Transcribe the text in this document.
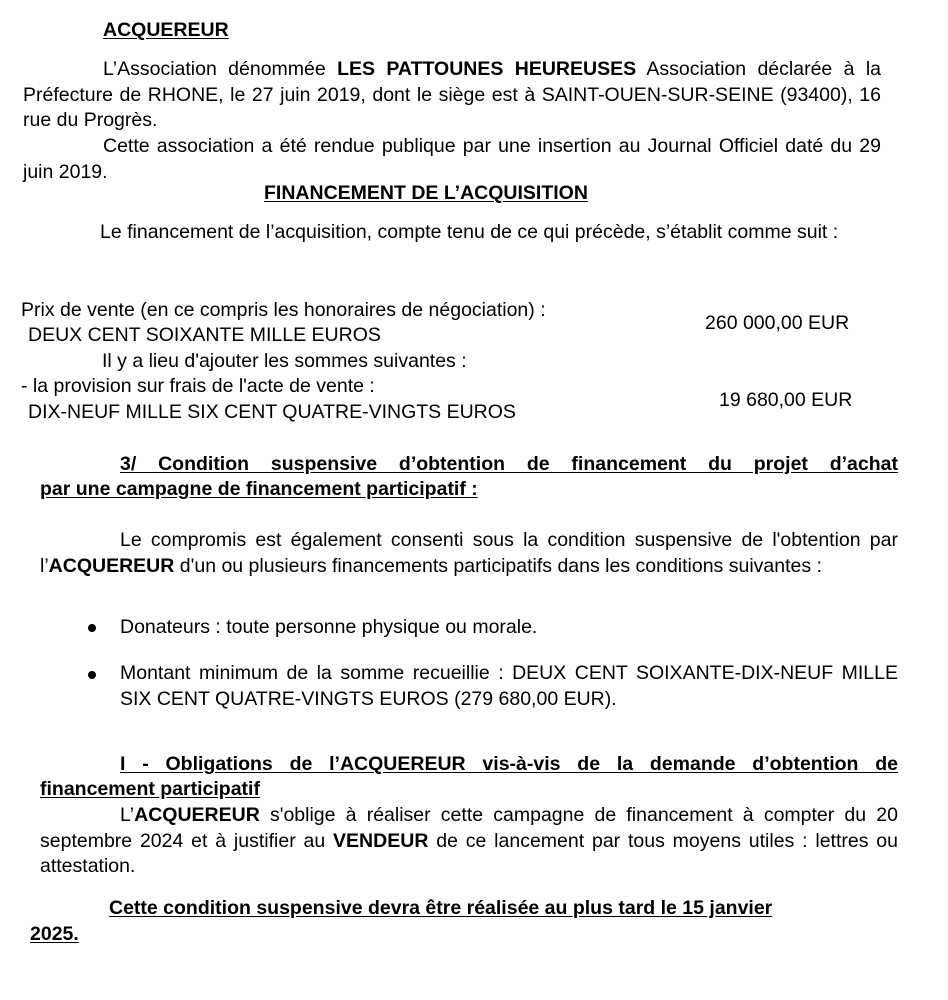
ACQUEREUR

L’Association dénommée LES PATTOUNES HEUREUSES Association déclarée à la Préfecture de RHONE, le 27 juin 2019, dont le siège est à SAINT-OUEN-SUR-SEINE (93400), 16 rue du Progrès.

Cette association a été rendue publique par une insertion au Journal Officiel daté du 29 juin 2019.

FINANCEMENT DE L’ACQUISITION

Le financement de l’acquisition, compte tenu de ce qui précède, s’établit comme suit :

Prix de vente (en ce compris les honoraires de négociation) :
DEUX CENT SOIXANTE MILLE EUROS
260 000,00 EUR
Il y a lieu d'ajouter les sommes suivantes :
- la provision sur frais de l'acte de vente :
DIX-NEUF MILLE SIX CENT QUATRE-VINGTS EUROS
19 680,00 EUR
3/ Condition suspensive d’obtention de financement du projet d’achat
par une campagne de financement participatif :

Le compromis est également consenti sous la condition suspensive de l'obtention par l’ACQUEREUR d'un ou plusieurs financements participatifs dans les conditions suivantes :

Donateurs : toute personne physique ou morale.

Montant minimum de la somme recueillie : DEUX CENT SOIXANTE-DIX-NEUF MILLE SIX CENT QUATRE-VINGTS EUROS (279 680,00 EUR).

I - Obligations de l’ACQUEREUR vis-à-vis de la demande d’obtention de
financement participatif

L’ACQUEREUR s'oblige à réaliser cette campagne de financement à compter du 20 septembre 2024 et à justifier au VENDEUR de ce lancement par tous moyens utiles : lettres ou attestation.

Cette condition suspensive devra être réalisée au plus tard le 15 janvier
2025.
